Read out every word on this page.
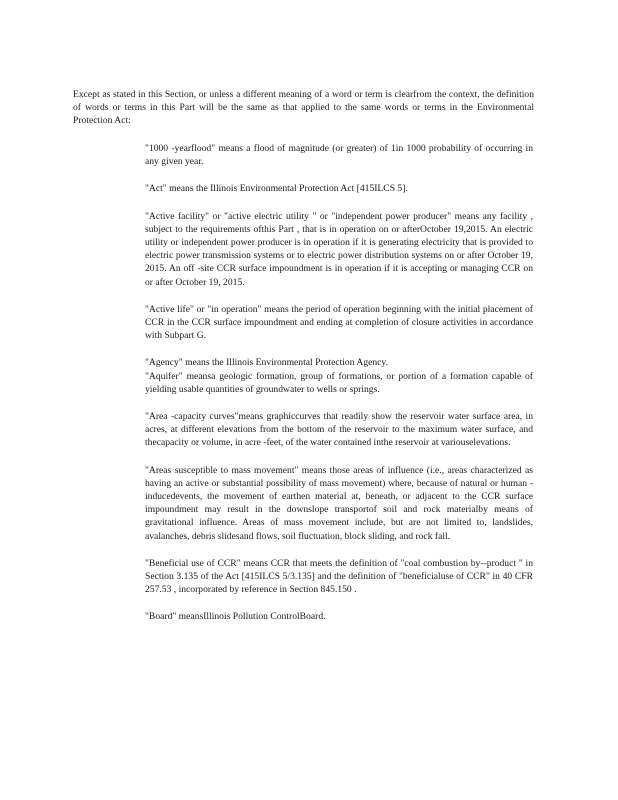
Except as stated in this Section, or unless a different meaning of a word or term is clearfrom the context, the definition of words or terms in this Part will be the same as that applied to the same words or terms in the Environmental Protection Act:

"1000 -yearflood" means a flood of magnitude (or greater) of 1in 1000 probability of occurring in any given year.

"Act" means the Illinois Environmental Protection Act [415ILCS 5].

"Active facility" or "active electric utility " or "independent power producer" means any facility , subject to the requirements ofthis Part , that is in operation on or afterOctober 19,2015. An electric utility or independent power producer is in operation if it is generating electricity that is provided to electric power transmission systems or to electric power distribution systems on or after October 19, 2015. An off -site CCR surface impoundment is in operation if it is accepting or managing CCR on or after October 19, 2015.

"Active life" or "in operation" means the period of operation beginning with the initial placement of CCR in the CCR surface impoundment and ending at completion of closure activities in accordance with Subpart G.

"Agency" means the Illinois Environmental Protection Agency.

"Aquifer" meansa geologic formation, group of formations, or portion of a formation capable of yielding usable quantities of groundwater to wells or springs.

"Area -capacity curves"means graphiccurves that readily show the reservoir water surface area, in acres, at different elevations from the bottom of the reservoir to the maximum water surface, and thecapacity or volume, in acre -feet, of the water contained inthe reservoir at variouselevations.

"Areas susceptible to mass movement" means those areas of influence (i.e., areas characterized as having an active or substantial possibility of mass movement) where, because of natural or human -inducedevents, the movement of earthen material at, beneath, or adjacent to the CCR surface impoundment may result in the downslope transportof soil and rock materialby means of gravitational influence. Areas of mass movement include, but are not limited to, landslides, avalanches, debris slidesand flows, soil fluctuation, block sliding, and rock fall.

"Beneficial use of CCR" means CCR that meets the definition of "coal combustion by--product " in Section 3.135 of the Act [415ILCS 5/3.135] and the definition of "beneficialuse of CCR" in 40 CFR 257.53 , incorporated by reference in Section 845.150 .

"Board" meansIllinois Pollution ControlBoard.
